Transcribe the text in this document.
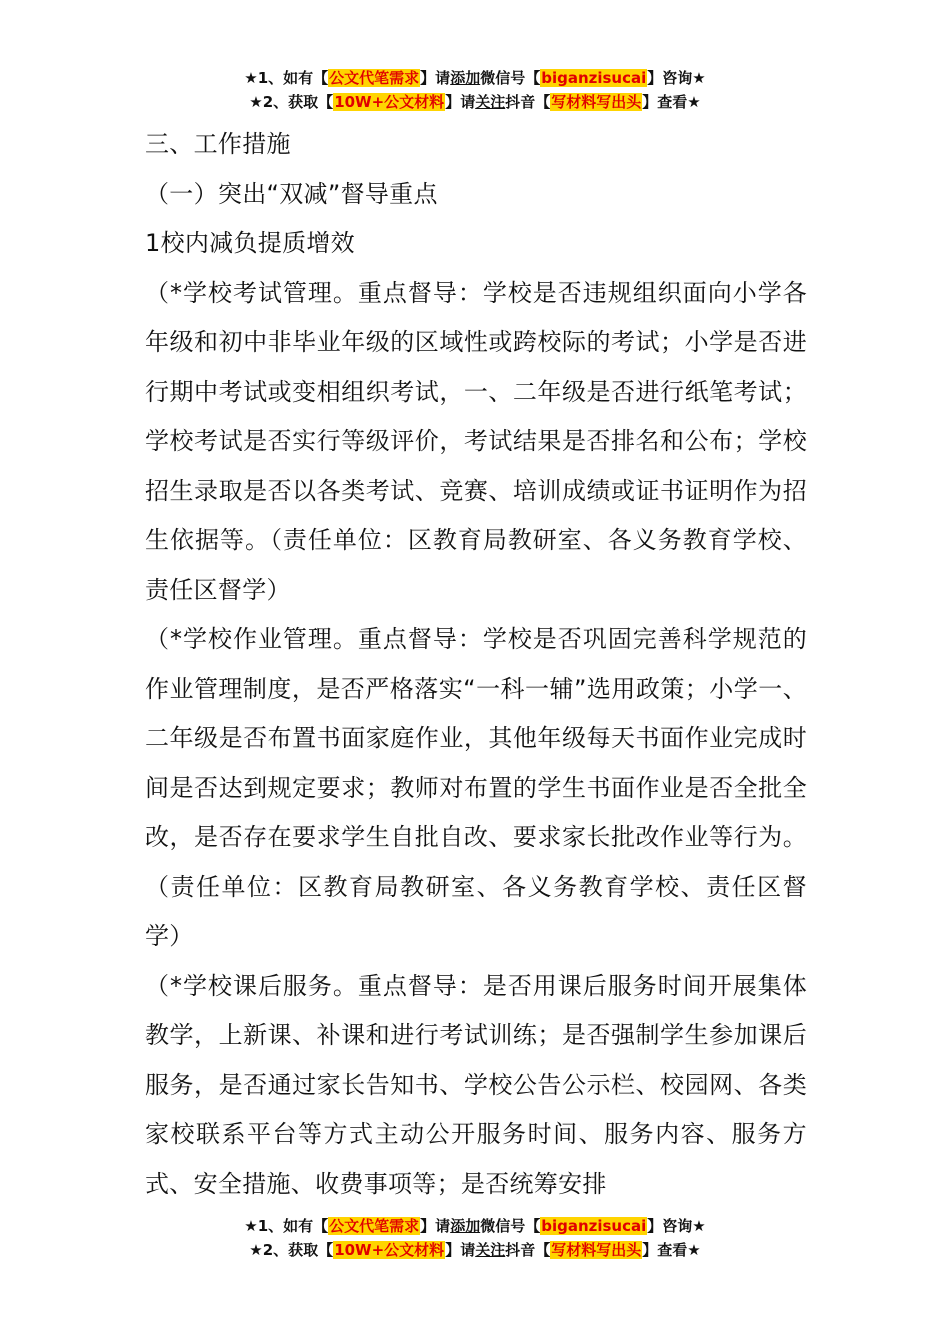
★1、如有【公文代笔需求】请添加微信号【biganzisucai】咨询★
★2、获取【10W+公文材料】请关注抖音【写材料写出头】查看★

三、工作措施

（一）突出“双减”督导重点

1校内减负提质增效

（*学校考试管理。重点督导：学校是否违规组织面向小学各年级和初中非毕业年级的区域性或跨校际的考试；小学是否进行期中考试或变相组织考试，一、二年级是否进行纸笔考试；学校考试是否实行等级评价，考试结果是否排名和公布；学校招生录取是否以各类考试、竞赛、培训成绩或证书证明作为招生依据等。（责任单位：区教育局教研室、各义务教育学校、责任区督学）

（*学校作业管理。重点督导：学校是否巩固完善科学规范的作业管理制度，是否严格落实“一科一辅”选用政策；小学一、二年级是否布置书面家庭作业，其他年级每天书面作业完成时间是否达到规定要求；教师对布置的学生书面作业是否全批全改，是否存在要求学生自批自改、要求家长批改作业等行为。（责任单位：区教育局教研室、各义务教育学校、责任区督学）

（*学校课后服务。重点督导：是否用课后服务时间开展集体教学，上新课、补课和进行考试训练；是否强制学生参加课后服务，是否通过家长告知书、学校公告公示栏、校园网、各类家校联系平台等方式主动公开服务时间、服务内容、服务方式、安全措施、收费事项等；是否统筹安排

★1、如有【公文代笔需求】请添加微信号【biganzisucai】咨询★
★2、获取【10W+公文材料】请关注抖音【写材料写出头】查看★
